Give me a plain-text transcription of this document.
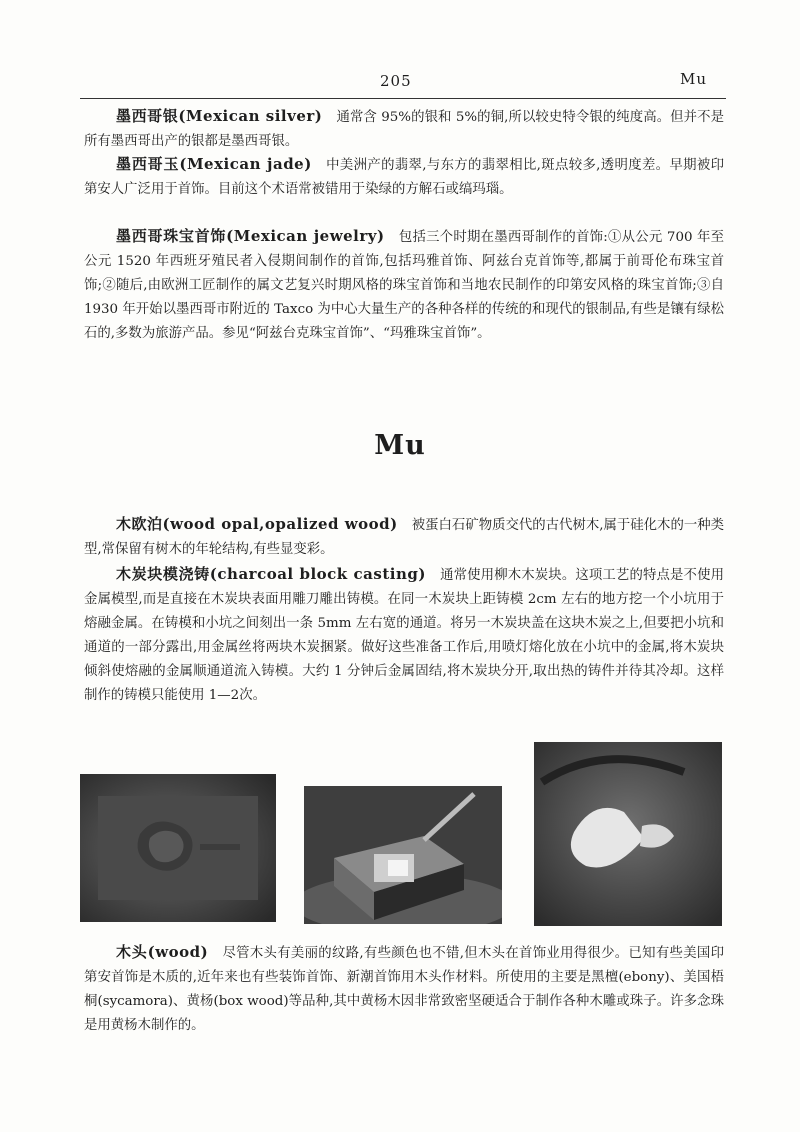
205	Mu
墨西哥银(Mexican silver) 通常含 95%的银和 5%的铜,所以较史特令银的纯度高。但并不是所有墨西哥出产的银都是墨西哥银。
墨西哥玉(Mexican jade) 中美洲产的翡翠,与东方的翡翠相比,斑点较多,透明度差。早期被印第安人广泛用于首饰。目前这个术语常被错用于染绿的方解石或缟玛瑙。
墨西哥珠宝首饰(Mexican jewelry) 包括三个时期在墨西哥制作的首饰:①从公元 700 年至公元 1520 年西班牙殖民者入侵期间制作的首饰,包括玛雅首饰、阿兹台克首饰等,都属于前哥伦布珠宝首饰;②随后,由欧洲工匠制作的属文艺复兴时期风格的珠宝首饰和当地农民制作的印第安风格的珠宝首饰;③自 1930 年开始以墨西哥市附近的 Taxco 为中心大量生产的各种各样的传统的和现代的银制品,有些是镶有绿松石的,多数为旅游产品。参见“阿兹台克珠宝首饰”、“玛雅珠宝首饰”。
Mu
木欧泊(wood opal,opalized wood) 被蛋白石矿物质交代的古代树木,属于硅化木的一种类型,常保留有树木的年轮结构,有些显变彩。
木炭块模浇铸(charcoal block casting) 通常使用柳木木炭块。这项工艺的特点是不使用金属模型,而是直接在木炭块表面用雕刀雕出铸模。在同一木炭块上距铸模 2cm 左右的地方挖一个小坑用于熔融金属。在铸模和小坑之间刻出一条 5mm 左右宽的通道。将另一木炭块盖在这块木炭之上,但要把小坑和通道的一部分露出,用金属丝将两块木炭捆紧。做好这些准备工作后,用喷灯熔化放在小坑中的金属,将木炭块倾斜使熔融的金属顺通道流入铸模。大约 1 分钟后金属固结,将木炭块分开,取出热的铸件并待其冷却。这样制作的铸模只能使用 1—2次。
木头(wood) 尽管木头有美丽的纹路,有些颜色也不错,但木头在首饰业用得很少。已知有些美国印第安首饰是木质的,近年来也有些装饰首饰、新潮首饰用木头作材料。所使用的主要是黑檀(ebony)、美国梧桐(sycamora)、黄杨(box wood)等品种,其中黄杨木因非常致密坚硬适合于制作各种木雕或珠子。许多念珠是用黄杨木制作的。
